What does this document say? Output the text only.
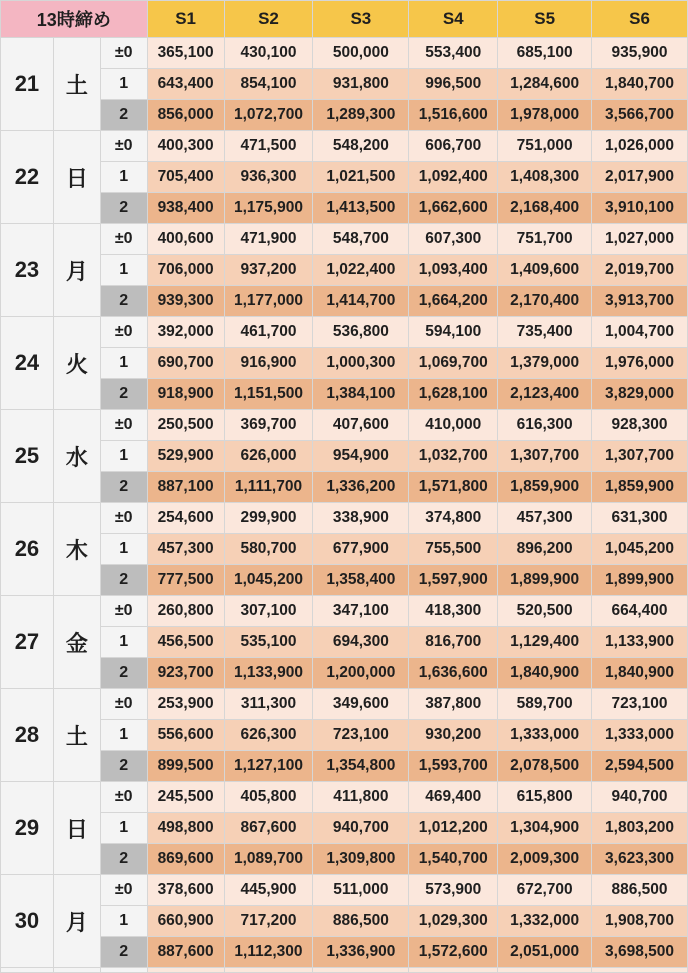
13時締め			S1	S2	S3	S4	S5	S6
21	土	±0	365,100	430,100	500,000	553,400	685,100	935,900
		1	643,400	854,100	931,800	996,500	1,284,600	1,840,700
		2	856,000	1,072,700	1,289,300	1,516,600	1,978,000	3,566,700
22	日	±0	400,300	471,500	548,200	606,700	751,000	1,026,000
		1	705,400	936,300	1,021,500	1,092,400	1,408,300	2,017,900
		2	938,400	1,175,900	1,413,500	1,662,600	2,168,400	3,910,100
23	月	±0	400,600	471,900	548,700	607,300	751,700	1,027,000
		1	706,000	937,200	1,022,400	1,093,400	1,409,600	2,019,700
		2	939,300	1,177,000	1,414,700	1,664,200	2,170,400	3,913,700
24	火	±0	392,000	461,700	536,800	594,100	735,400	1,004,700
		1	690,700	916,900	1,000,300	1,069,700	1,379,000	1,976,000
		2	918,900	1,151,500	1,384,100	1,628,100	2,123,400	3,829,000
25	水	±0	250,500	369,700	407,600	410,000	616,300	928,300
		1	529,900	626,000	954,900	1,032,700	1,307,700	1,307,700
		2	887,100	1,111,700	1,336,200	1,571,800	1,859,900	1,859,900
26	木	±0	254,600	299,900	338,900	374,800	457,300	631,300
		1	457,300	580,700	677,900	755,500	896,200	1,045,200
		2	777,500	1,045,200	1,358,400	1,597,900	1,899,900	1,899,900
27	金	±0	260,800	307,100	347,100	418,300	520,500	664,400
		1	456,500	535,100	694,300	816,700	1,129,400	1,133,900
		2	923,700	1,133,900	1,200,000	1,636,600	1,840,900	1,840,900
28	土	±0	253,900	311,300	349,600	387,800	589,700	723,100
		1	556,600	626,300	723,100	930,200	1,333,000	1,333,000
		2	899,500	1,127,100	1,354,800	1,593,700	2,078,500	2,594,500
29	日	±0	245,500	405,800	411,800	469,400	615,800	940,700
		1	498,800	867,600	940,700	1,012,200	1,304,900	1,803,200
		2	869,600	1,089,700	1,309,800	1,540,700	2,009,300	3,623,300
30	月	±0	378,600	445,900	511,000	573,900	672,700	886,500
		1	660,900	717,200	886,500	1,029,300	1,332,000	1,908,700
		2	887,600	1,112,300	1,336,900	1,572,600	2,051,000	3,698,500
